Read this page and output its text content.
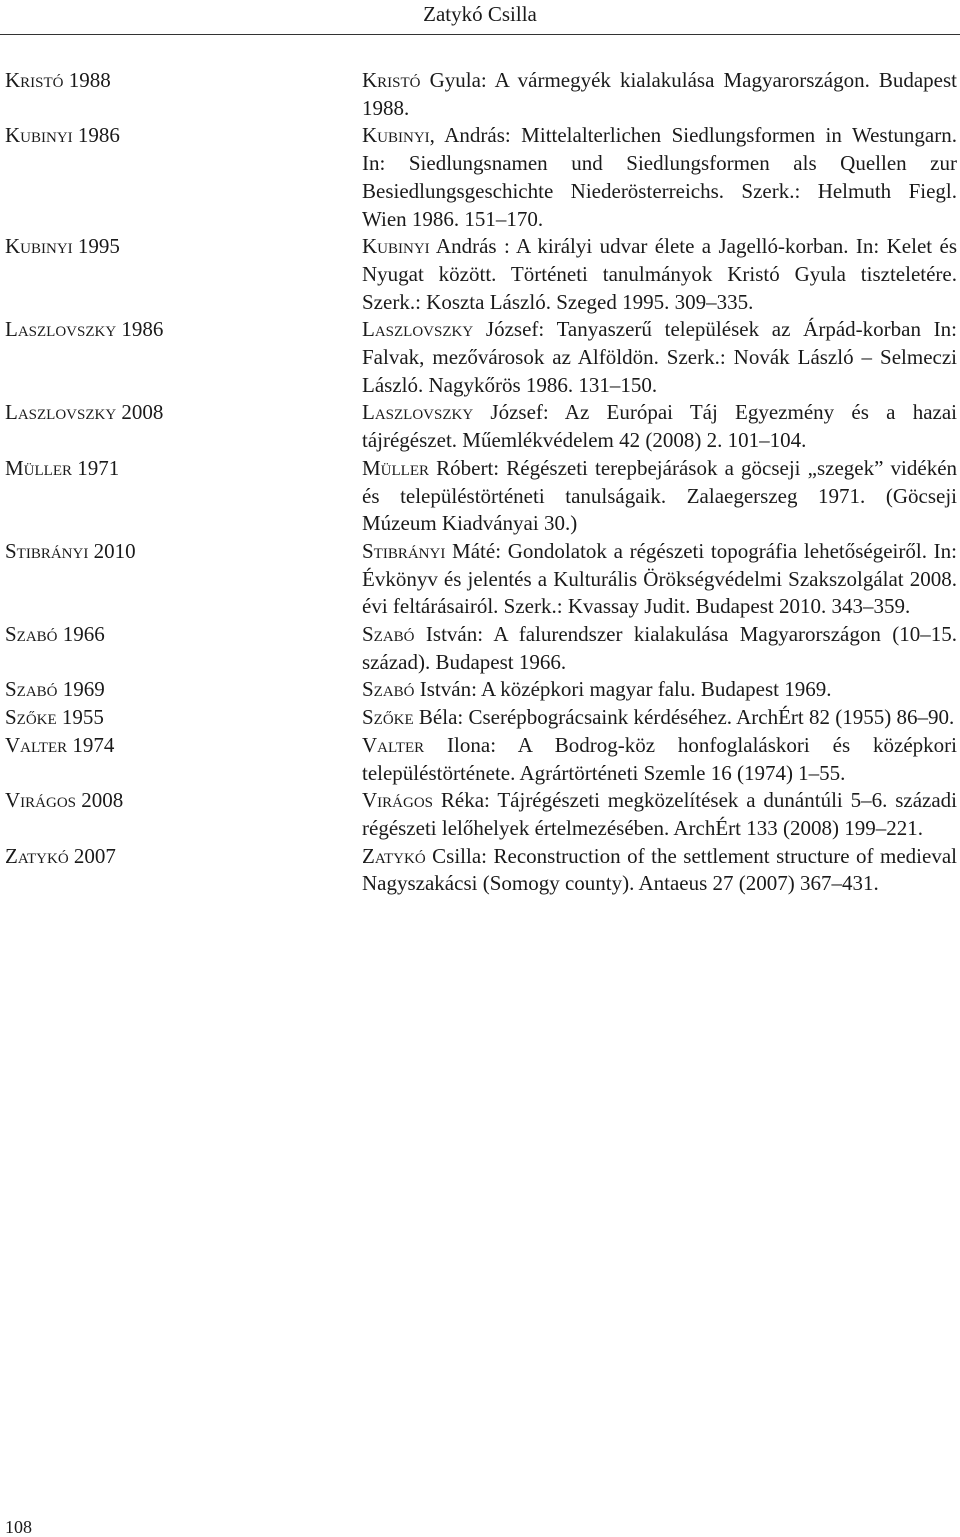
Zatykó Csilla
Kristó 1988	Kristó Gyula: A vármegyék kialakulása Magyarországon. Budapest 1988.
Kubinyi 1986	Kubinyi, András: Mittelalterlichen Siedlungsformen in Westungarn. In: Siedlungsnamen und Siedlungsformen als Quellen zur Besiedlungsgeschichte Niederösterreichs. Szerk.: Helmuth Fiegl. Wien 1986. 151–170.
Kubinyi 1995	Kubinyi András : A királyi udvar élete a Jagelló-korban. In: Kelet és Nyugat között. Történeti tanulmányok Kristó Gyula tiszteletére. Szerk.: Koszta László. Szeged 1995. 309–335.
Laszlovszky 1986	Laszlovszky József: Tanyaszerű települések az Árpád-korban In: Falvak, mezővárosok az Alföldön. Szerk.: Novák László – Selmeczi László. Nagykőrös 1986. 131–150.
Laszlovszky 2008	Laszlovszky József: Az Európai Táj Egyezmény és a hazai tájrégészet. Műemlékvédelem 42 (2008) 2. 101–104.
Müller 1971	Müller Róbert: Régészeti terepbejárások a göcseji „szegek” vidékén és településtörténeti tanulságaik. Zalaegerszeg 1971. (Göcseji Múzeum Kiadványai 30.)
Stibrányi 2010	Stibrányi Máté: Gondolatok a régészeti topográfia lehetőségeiről. In: Évkönyv és jelentés a Kulturális Örökségvédelmi Szakszolgálat 2008. évi feltárásairól. Szerk.: Kvassay Judit. Budapest 2010. 343–359.
Szabó 1966	Szabó István: A falurendszer kialakulása Magyarországon (10–15. század). Budapest 1966.
Szabó 1969	Szabó István: A középkori magyar falu. Budapest 1969.
Szőke 1955	Szőke Béla: Cserépbográcsaink kérdéséhez. ArchÉrt 82 (1955) 86–90.
Valter 1974	Valter Ilona: A Bodrog-köz honfoglaláskori és középkori településtörténete. Agrártörténeti Szemle 16 (1974) 1–55.
Virágos 2008	Virágos Réka: Tájrégészeti megközelítések a dunántúli 5–6. századi régészeti lelőhelyek értelmezésében. ArchÉrt 133 (2008) 199–221.
Zatykó 2007	Zatykó Csilla: Reconstruction of the settlement structure of medieval Nagyszakácsi (Somogy county). Antaeus 27 (2007) 367–431.
108
